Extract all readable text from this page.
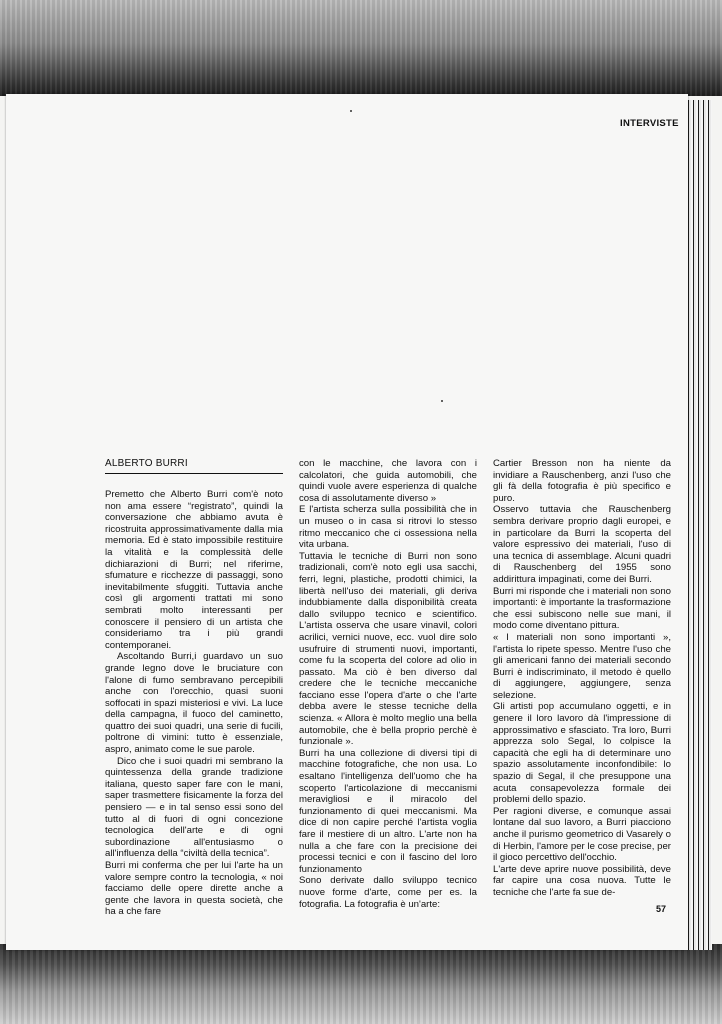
INTERVISTE

ALBERTO BURRI

Premetto che Alberto Burri com'è noto non ama essere “registrato”, quindi la conversazione che abbiamo avuta è ricostruita approssimativamente dalla mia memoria. Ed è stato impossibile restituire la vitalità e la complessità delle dichiarazioni di Burri; nel riferirne, sfumature e ricchezze di passaggi, sono inevitabilmente sfuggiti. Tuttavia anche così gli argomenti trattati mi sono sembrati molto interessanti per conoscere il pensiero di un artista che consideriamo tra i più grandi contemporanei.

Ascoltando Burri,i guardavo un suo grande legno dove le bruciature con l'alone di fumo sembravano percepibili anche con l'orecchio, quasi suoni soffocati in spazi misteriosi e vivi. La luce della campagna, il fuoco del caminetto, quattro dei suoi quadri, una serie di fucili, poltrone di vimini: tutto è essenziale, aspro, animato come le sue parole.

Dico che i suoi quadri mi sembrano la quintessenza della grande tradizione italiana, questo saper fare con le mani, saper trasmettere fisicamente la forza del pensiero — e in tal senso essi sono del tutto al di fuori di ogni concezione tecnologica dell'arte e di ogni subordinazione all'entusiasmo o all'influenza della “civiltà della tecnica”.

Burri mi conferma che per lui l'arte ha un valore sempre contro la tecnologia, « noi facciamo delle opere dirette anche a gente che lavora in questa società, che ha a che fare

con le macchine, che lavora con i calcolatori, che guida automobili, che quindi vuole avere esperienza di qualche cosa di assolutamente diverso »

E l'artista scherza sulla possibilità che in un museo o in casa si ritrovi lo stesso ritmo meccanico che ci ossessiona nella vita urbana.

Tuttavia le tecniche di Burri non sono tradizionali, com'è noto egli usa sacchi, ferri, legni, plastiche, prodotti chimici, la libertà nell'uso dei materiali, gli deriva indubbiamente dalla disponibilità creata dallo sviluppo tecnico e scientifico. L'artista osserva che usare vinavil, colori acrilici, vernici nuove, ecc. vuol dire solo usufruire di strumenti nuovi, importanti, come fu la scoperta del colore ad olio in passato. Ma ciò è ben diverso dal credere che le tecniche meccaniche facciano esse l'opera d'arte o che l'arte debba avere le stesse tecniche della scienza. « Allora è molto meglio una bella automobile, che è bella proprio perchè è funzionale ».

Burri ha una collezione di diversi tipi di macchine fotografiche, che non usa. Lo esaltano l'intelligenza dell'uomo che ha scoperto l'articolazione di meccanismi meravigliosi e il miracolo del funzionamento di quei meccanismi. Ma dice di non capire perché l'artista voglia fare il mestiere di un altro. L'arte non ha nulla a che fare con la precisione dei processi tecnici e con il fascino del loro funzionamento

Sono derivate dallo sviluppo tecnico nuove forme d'arte, come per es. la fotografia. La fotografia è un'arte:

Cartier Bresson non ha niente da invidiare a Rauschenberg, anzi l'uso che gli fà della fotografia è più specifico e puro.

Osservo tuttavia che Rauschenberg sembra derivare proprio dagli europei, e in particolare da Burri la scoperta del valore espressivo dei materiali, l'uso di una tecnica di assemblage. Alcuni quadri di Rauschenberg del 1955 sono addirittura impaginati, come dei Burri.

Burri mi risponde che i materiali non sono importanti: è importante la trasformazione che essi subiscono nelle sue mani, il modo come diventano pittura.

« I materiali non sono importanti », l'artista lo ripete spesso. Mentre l'uso che gli americani fanno dei materiali secondo Burri è indiscriminato, il metodo è quello di aggiungere, aggiungere, senza selezione.

Gli artisti pop accumulano oggetti, e in genere il loro lavoro dà l'impressione di approssimativo e sfasciato. Tra loro, Burri apprezza solo Segal, lo colpisce la capacità che egli ha di determinare uno spazio assolutamente inconfondibile: lo spazio di Segal, il che presuppone una acuta consapevolezza formale dei problemi dello spazio.

Per ragioni diverse, e comunque assai lontane dal suo lavoro, a Burri piacciono anche il purismo geometrico di Vasarely o di Herbin, l'amore per le cose precise, per il gioco percettivo dell'occhio.

L'arte deve aprire nuove possibilità, deve far capire una cosa nuova. Tutte le tecniche che l'arte fa sue de-

57
